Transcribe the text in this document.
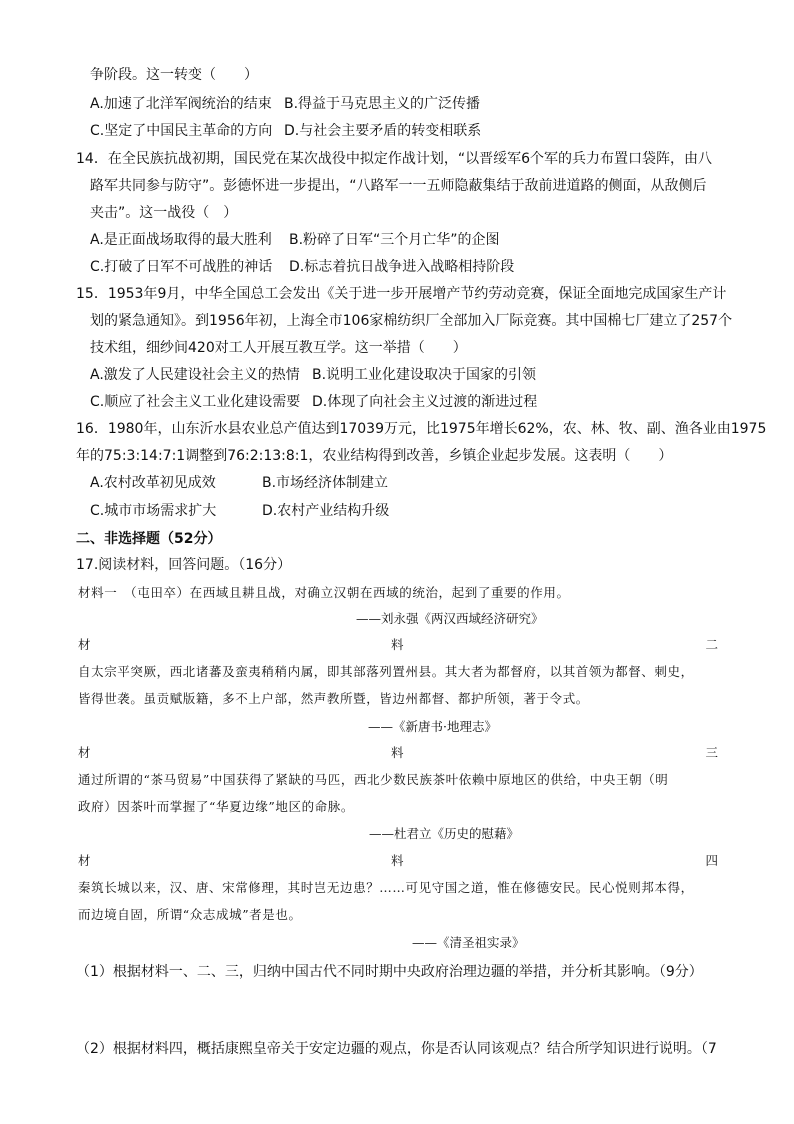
争阶段。这一转变（　　）
A.加速了北洋军阀统治的结束 B.得益于马克思主义的广泛传播
C.坚定了中国民主革命的方向 D.与社会主要矛盾的转变相联系
14．在全民族抗战初期，国民党在某次战役中拟定作战计划，“以晋绥军6个军的兵力布置口袋阵，由八
路军共同参与防守”。彭德怀进一步提出，“八路军一一五师隐蔽集结于敌前进道路的侧面，从敌侧后
夹击”。这一战役（　）
A.是正面战场取得的最大胜利 B.粉碎了日军“三个月亡华”的企图
C.打破了日军不可战胜的神话 D.标志着抗日战争进入战略相持阶段
15．1953年9月，中华全国总工会发出《关于进一步开展增产节约劳动竞赛，保证全面地完成国家生产计
划的紧急通知》。到1956年初，上海全市106家棉纺织厂全部加入厂际竞赛。其中国棉七厂建立了257个
技术组，细纱间420对工人开展互教互学。这一举措（　　）
A.激发了人民建设社会主义的热情 B.说明工业化建设取决于国家的引领
C.顺应了社会主义工业化建设需要 D.体现了向社会主义过渡的渐进过程
16．1980年，山东沂水县农业总产值达到17039万元，比1975年增长62%，农、林、牧、副、渔各业由1975
年的75:3:14:7:1调整到76:2:13:8:1，农业结构得到改善，乡镇企业起步发展。这表明（　　）
A.农村改革初见成效	B.市场经济体制建立
C.城市市场需求扩大	D.农村产业结构升级
二、非选择题（52分）
17.阅读材料，回答问题。（16分）
材料一　（屯田卒）在西域且耕且战，对确立汉朝在西域的统治，起到了重要的作用。
——刘永强《两汉西域经济研究》
材	料	二
自太宗平突厥，西北诸蕃及蛮夷稍稍内属，即其部落列置州县。其大者为都督府，以其首领为都督、刺史，
皆得世袭。虽贡赋版籍，多不上户部，然声教所暨，皆边州都督、都护所领，著于令式。
——《新唐书·地理志》
材	料	三
通过所谓的“茶马贸易”中国获得了紧缺的马匹，西北少数民族茶叶依赖中原地区的供给，中央王朝（明
政府）因茶叶而掌握了“华夏边缘”地区的命脉。
——杜君立《历史的慰藉》
材	料	四
秦筑长城以来，汉、唐、宋常修理，其时岂无边患？……可见守国之道，惟在修德安民。民心悦则邦本得，
而边境自固，所谓“众志成城”者是也。
——《清圣祖实录》
（1）根据材料一、二、三，归纳中国古代不同时期中央政府治理边疆的举措，并分析其影响。（9分）
（2）根据材料四，概括康熙皇帝关于安定边疆的观点，你是否认同该观点？结合所学知识进行说明。（7
